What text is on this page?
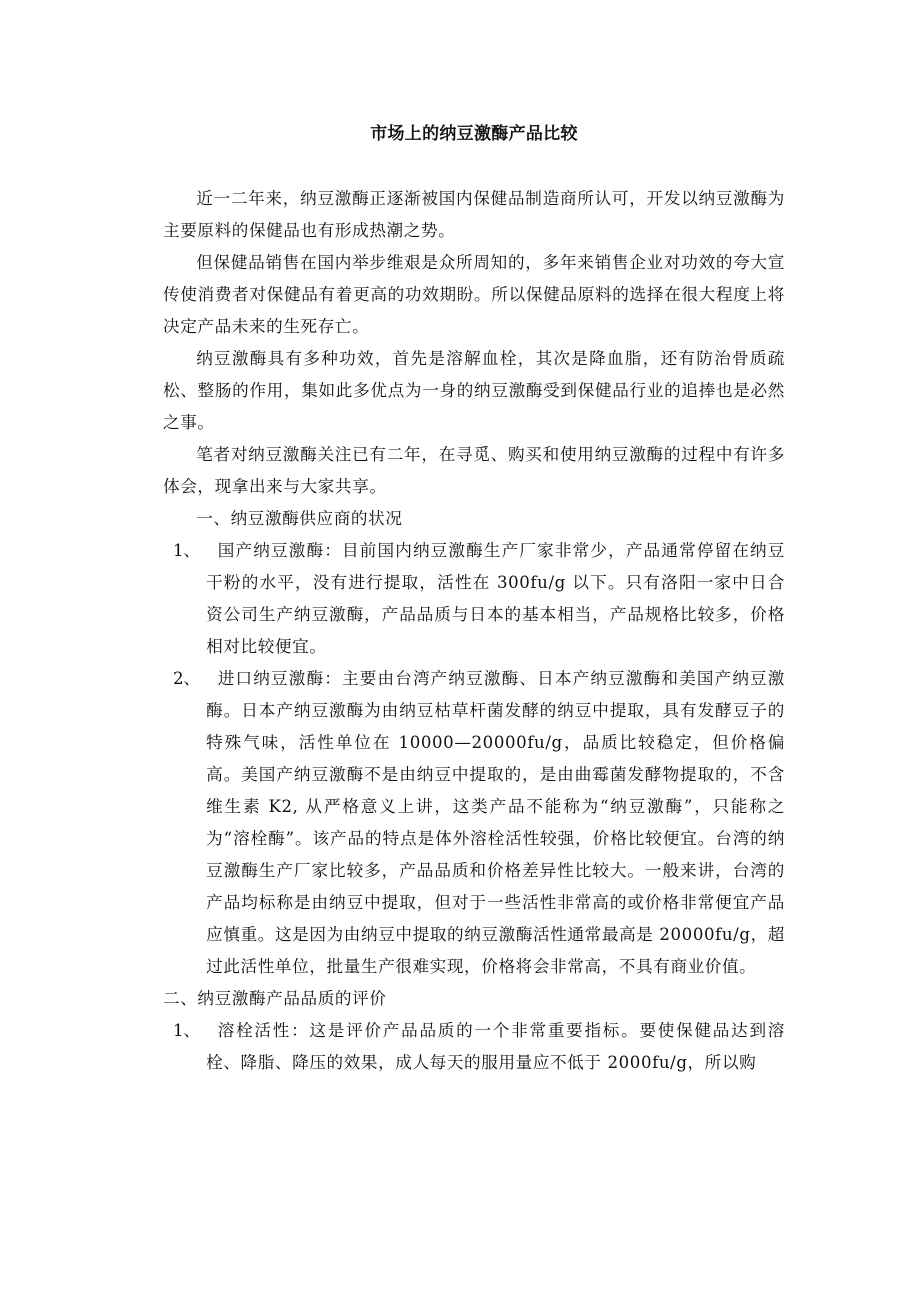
市场上的纳豆激酶产品比较

近一二年来，纳豆激酶正逐渐被国内保健品制造商所认可，开发以纳豆激酶为主要原料的保健品也有形成热潮之势。

但保健品销售在国内举步维艰是众所周知的，多年来销售企业对功效的夸大宣传使消费者对保健品有着更高的功效期盼。所以保健品原料的选择在很大程度上将决定产品未来的生死存亡。

纳豆激酶具有多种功效，首先是溶解血栓，其次是降血脂，还有防治骨质疏松、整肠的作用，集如此多优点为一身的纳豆激酶受到保健品行业的追捧也是必然之事。

笔者对纳豆激酶关注已有二年，在寻觅、购买和使用纳豆激酶的过程中有许多体会，现拿出来与大家共享。

一、纳豆激酶供应商的状况

1、	国产纳豆激酶：目前国内纳豆激酶生产厂家非常少，产品通常停留在纳豆干粉的水平，没有进行提取，活性在 300fu/g 以下。只有洛阳一家中日合资公司生产纳豆激酶，产品品质与日本的基本相当，产品规格比较多，价格相对比较便宜。
2、	进口纳豆激酶：主要由台湾产纳豆激酶、日本产纳豆激酶和美国产纳豆激酶。日本产纳豆激酶为由纳豆枯草杆菌发酵的纳豆中提取，具有发酵豆子的特殊气味，活性单位在 10000—20000fu/g，品质比较稳定，但价格偏高。美国产纳豆激酶不是由纳豆中提取的，是由曲霉菌发酵物提取的，不含维生素 K2, 从严格意义上讲，这类产品不能称为“纳豆激酶”，只能称之为“溶栓酶”。该产品的特点是体外溶栓活性较强，价格比较便宜。台湾的纳豆激酶生产厂家比较多，产品品质和价格差异性比较大。一般来讲，台湾的产品均标称是由纳豆中提取，但对于一些活性非常高的或价格非常便宜产品应慎重。这是因为由纳豆中提取的纳豆激酶活性通常最高是 20000fu/g，超过此活性单位，批量生产很难实现，价格将会非常高，不具有商业价值。

二、纳豆激酶产品品质的评价

1、	溶栓活性：这是评价产品品质的一个非常重要指标。要使保健品达到溶栓、降脂、降压的效果，成人每天的服用量应不低于 2000fu/g，所以购
